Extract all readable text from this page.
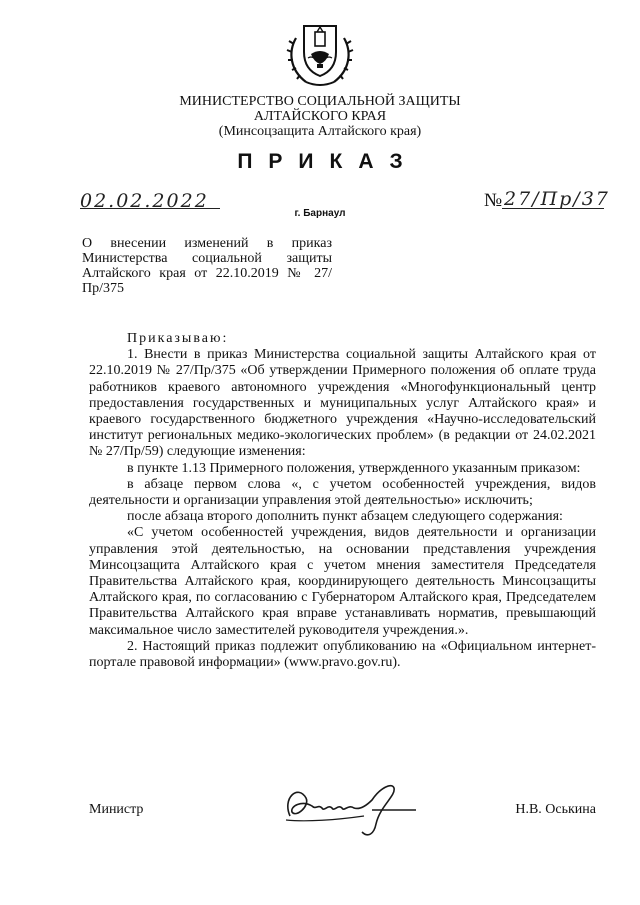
МИНИСТЕРСТВО СОЦИАЛЬНОЙ ЗАЩИТЫ
АЛТАЙСКОГО КРАЯ
(Минсоцзащита Алтайского края)
ПРИКАЗ
02.02.2022	№ 27/Пр/37
г. Барнаул
О внесении изменений в приказ Министерства социальной защиты Алтайского края от 22.10.2019 № 27/Пр/375

Приказываю:

1. Внести в приказ Министерства социальной защиты Алтайского края от 22.10.2019 № 27/Пр/375 «Об утверждении Примерного положения об оплате труда работников краевого автономного учреждения «Многофункциональный центр предоставления государственных и муниципальных услуг Алтайского края» и краевого государственного бюджетного учреждения «Научно-исследовательский институт региональных медико-экологических проблем» (в редакции от 24.02.2021 № 27/Пр/59) следующие изменения:

в пункте 1.13 Примерного положения, утвержденного указанным приказом:

в абзаце первом слова «, с учетом особенностей учреждения, видов деятельности и организации управления этой деятельностью» исключить;

после абзаца второго дополнить пункт абзацем следующего содержания:

«С учетом особенностей учреждения, видов деятельности и организации управления этой деятельностью, на основании представления учреждения Минсоцзащита Алтайского края с учетом мнения заместителя Председателя Правительства Алтайского края, координирующего деятельность Минсоцзащиты Алтайского края, по согласованию с Губернатором Алтайского края, Председателем Правительства Алтайского края вправе устанавливать норматив, превышающий максимальное число заместителей руководителя учреждения.».

2. Настоящий приказ подлежит опубликованию на «Официальном интернет-портале правовой информации» (www.pravo.gov.ru).

Министр	Н.В. Оськина
